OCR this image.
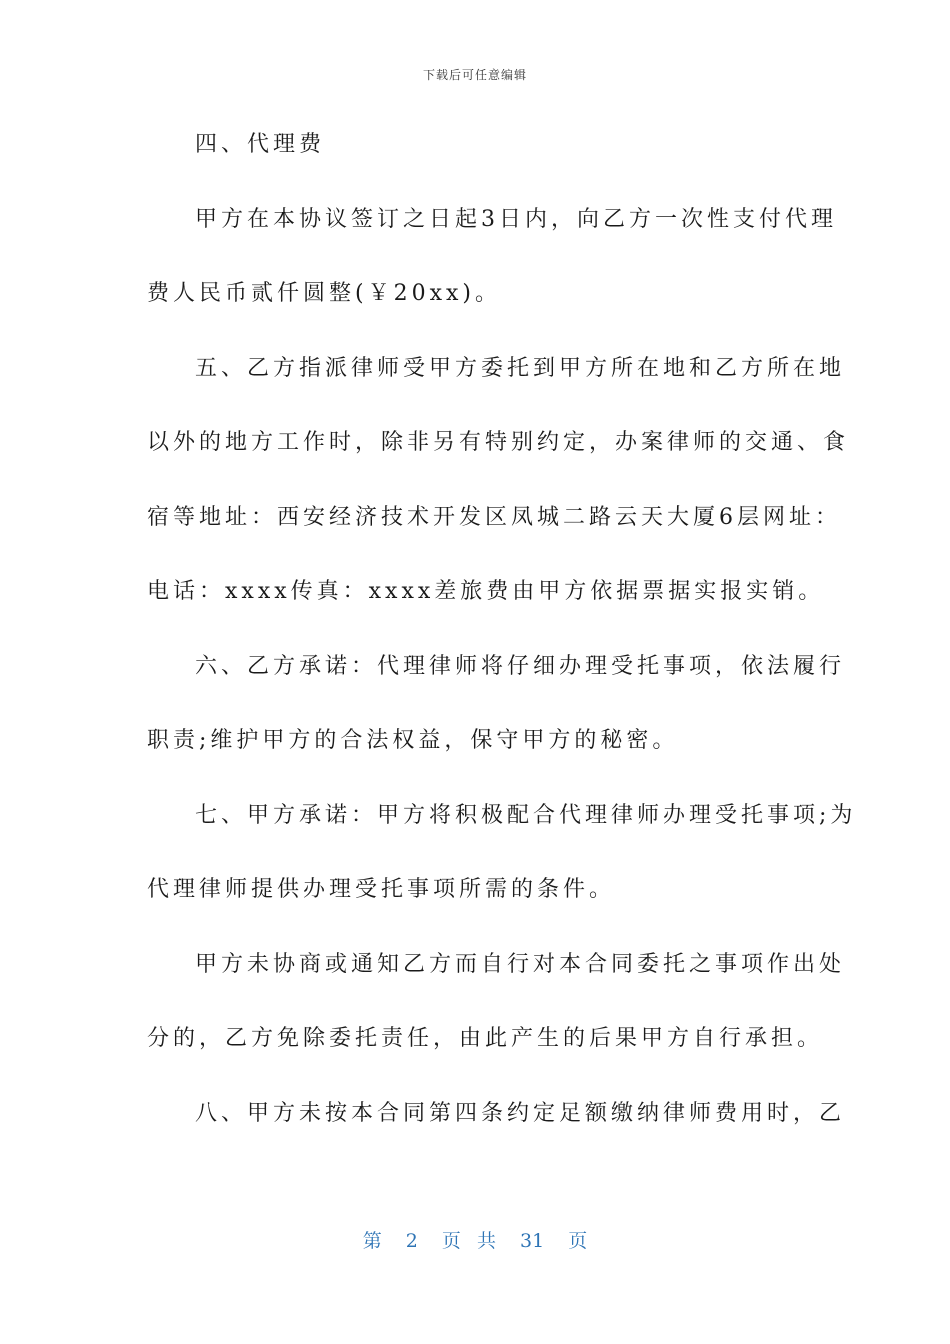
下载后可任意编辑
四、代理费
甲方在本协议签订之日起3日内，向乙方一次性支付代理
费人民币贰仟圆整(￥20xx)。
五、乙方指派律师受甲方委托到甲方所在地和乙方所在地
以外的地方工作时，除非另有特别约定，办案律师的交通、食
宿等地址：西安经济技术开发区凤城二路云天大厦6层网址：
电话：xxxx传真：xxxx差旅费由甲方依据票据实报实销。
六、乙方承诺：代理律师将仔细办理受托事项，依法履行
职责;维护甲方的合法权益，保守甲方的秘密。
七、甲方承诺：甲方将积极配合代理律师办理受托事项;为
代理律师提供办理受托事项所需的条件。
甲方未协商或通知乙方而自行对本合同委托之事项作出处
分的，乙方免除委托责任，由此产生的后果甲方自行承担。
八、甲方未按本合同第四条约定足额缴纳律师费用时，乙
第 2 页 共 31 页
